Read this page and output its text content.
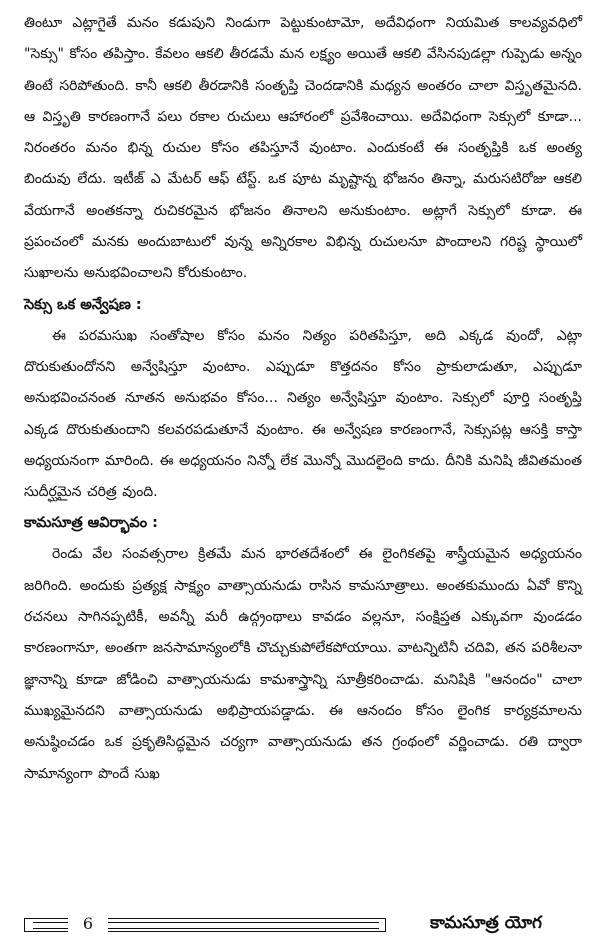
తింటూ ఎట్లాగైతే మనం కడుపుని నిండుగా పెట్టుకుంటామో, అదేవిధంగా నియమిత కాలవ్యవధిలో "సెక్సు" కోసం తపిస్తాం. కేవలం ఆకలి తీరడమే మన లక్ష్యం అయితే ఆకలి వేసినపుడల్లా గుప్పెడు అన్నం తింటే సరిపోతుంది. కానీ ఆకలి తీరడానికి సంతృప్తి చెందడానికి మధ్యన అంతరం చాలా విస్తృతమైనది. ఆ విస్తృతి కారణంగానే పలు రకాల రుచులు ఆహారంలో ప్రవేశించాయి. అదేవిధంగా సెక్సులో కూడా... నిరంతరం మనం భిన్న రుచుల కోసం తపిస్తూనే వుంటాం. ఎందుకంటే ఈ సంతృప్తికి ఒక అంత్య బిందువు లేదు. ఇటీజ్ ఎ మేటర్ ఆఫ్ టేస్ట్. ఒక పూట మృష్టాన్న భోజనం తిన్నా, మరుసటిరోజు ఆకలి వేయగానే అంతకన్నా రుచికరమైన భోజనం తినాలని అనుకుంటాం. అట్లాగే సెక్సులో కూడా. ఈ ప్రపంచంలో మనకు అందుబాటులో వున్న అన్నిరకాల విభిన్న రుచులనూ పొందాలని గరిష్ట స్థాయిలో సుఖాలను అనుభవించాలని కోరుకుంటాం.

సెక్సు ఒక అన్వేషణ :

ఈ పరమసుఖ సంతోషాల కోసం మనం నిత్యం పరితపిస్తూ, అది ఎక్కడ వుందో, ఎట్లా దొరుకుతుందోనని అన్వేషిస్తూ వుంటాం. ఎప్పుడూ కొత్తదనం కోసం ప్రాకులాడుతూ, ఎప్పుడూ అనుభవించనంత నూతన అనుభవం కోసం... నిత్యం అన్వేషిస్తూ వుంటాం. సెక్సులో పూర్తి సంతృప్తి ఎక్కడ దొరుకుతుందాని కలవరపడుతూనే వుంటాం. ఈ అన్వేషణ కారణంగానే, సెక్సుపట్ల ఆసక్తి కాస్తా అధ్యయనంగా మారింది. ఈ అధ్యయనం నిన్నో లేక మొన్నో మొదలైంది కాదు. దీనికి మనిషి జీవితమంత సుదీర్ఘమైన చరిత్ర వుంది.

కామసూత్ర ఆవిర్భావం :

రెండు వేల సంవత్సరాల క్రితమే మన భారతదేశంలో ఈ లైంగికతపై శాస్త్రీయమైన అధ్యయనం జరిగింది. అందుకు ప్రత్యక్ష సాక్ష్యం వాత్సాయనుడు రాసిన కామసూత్రాలు. అంతకుముందు ఏవో కొన్ని రచనలు సాగినప్పటికీ, అవన్నీ మరీ ఉద్గ్రంథాలు కావడం వల్లనూ, సంక్షిప్తత ఎక్కువగా వుండడం కారణంగానూ, అంతగా జనసామాన్యంలోకి చొచ్చుకుపోలేకపోయాయి. వాటన్నిటినీ చదివి, తన పరిశీలనా జ్ఞానాన్ని కూడా జోడించి వాత్సాయనుడు కామశాస్త్రాన్ని సూత్రీకరించాడు. మనిషికి "ఆనందం" చాలా ముఖ్యమైనదని వాత్సాయనుడు అభిప్రాయపడ్డాడు. ఈ ఆనందం కోసం లైంగిక కార్యక్రమాలను అనుష్ఠించడం ఒక ప్రకృతిసిద్ధమైన చర్యగా వాత్సాయనుడు తన గ్రంథంలో వర్ణించాడు. రతి ద్వారా సామాన్యంగా పొందే సుఖ

6	కామసూత్ర యోగ
